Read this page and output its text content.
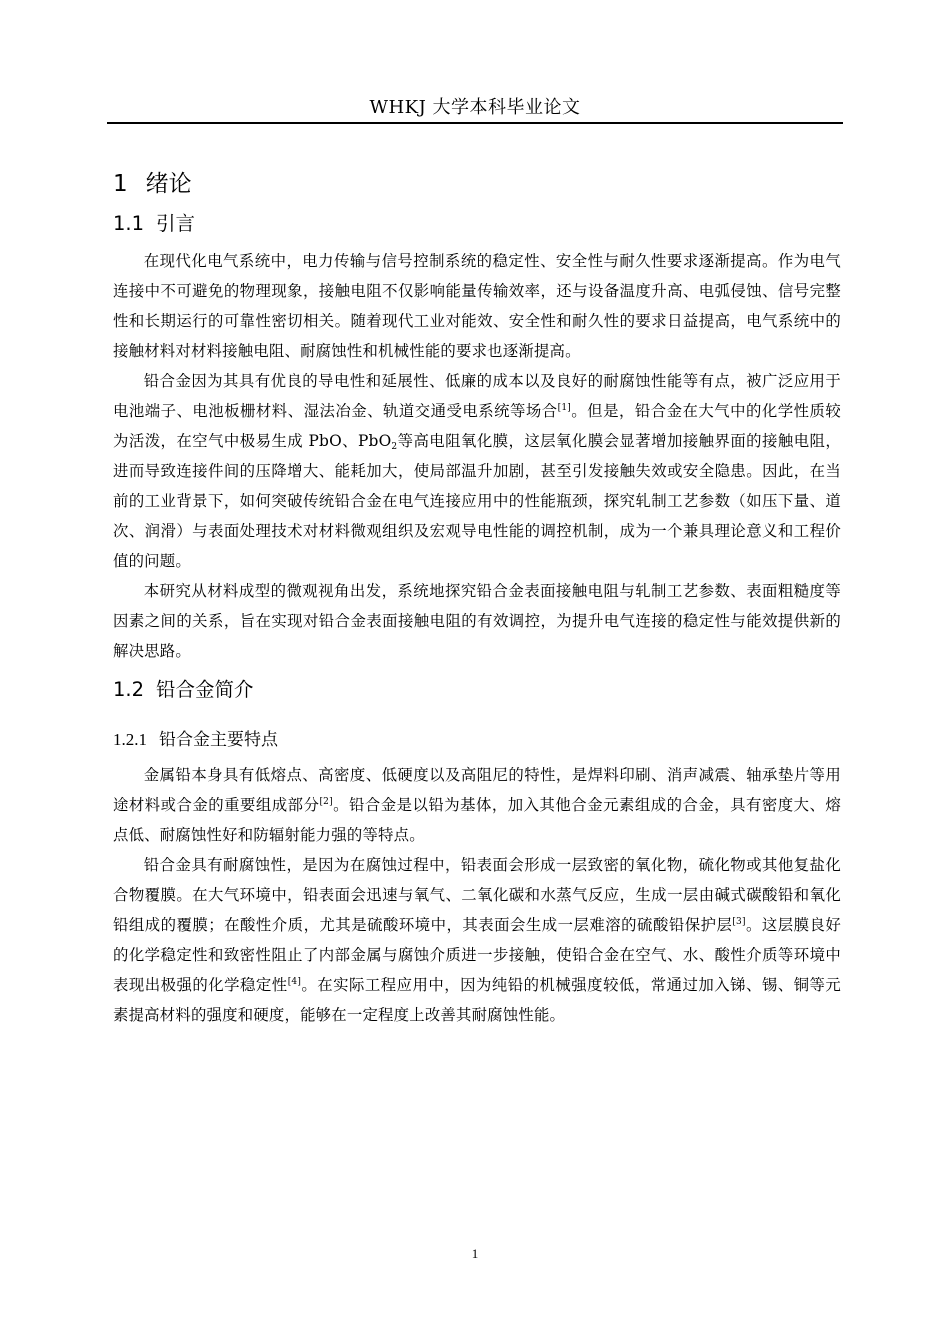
WHKJ 大学本科毕业论文
1 绪论
1.1 引言

在现代化电气系统中，电力传输与信号控制系统的稳定性、安全性与耐久性要求逐渐提高。作为电气连接中不可避免的物理现象，接触电阻不仅影响能量传输效率，还与设备温度升高、电弧侵蚀、信号完整性和长期运行的可靠性密切相关。随着现代工业对能效、安全性和耐久性的要求日益提高，电气系统中的接触材料对材料接触电阻、耐腐蚀性和机械性能的要求也逐渐提高。

铅合金因为其具有优良的导电性和延展性、低廉的成本以及良好的耐腐蚀性能等有点，被广泛应用于电池端子、电池板栅材料、湿法冶金、轨道交通受电系统等场合[1]。但是，铅合金在大气中的化学性质较为活泼，在空气中极易生成 PbO、PbO$_2$等高电阻氧化膜，这层氧化膜会显著增加接触界面的接触电阻，进而导致连接件间的压降增大、能耗加大，使局部温升加剧，甚至引发接触失效或安全隐患。因此，在当前的工业背景下，如何突破传统铅合金在电气连接应用中的性能瓶颈，探究轧制工艺参数（如压下量、道次、润滑）与表面处理技术对材料微观组织及宏观导电性能的调控机制，成为一个兼具理论意义和工程价值的问题。

本研究从材料成型的微观视角出发，系统地探究铅合金表面接触电阻与轧制工艺参数、表面粗糙度等因素之间的关系，旨在实现对铅合金表面接触电阻的有效调控，为提升电气连接的稳定性与能效提供新的解决思路。

1.2 铅合金简介
1.2.1 铅合金主要特点

金属铅本身具有低熔点、高密度、低硬度以及高阻尼的特性，是焊料印刷、消声减震、轴承垫片等用途材料或合金的重要组成部分[2]。铅合金是以铅为基体，加入其他合金元素组成的合金，具有密度大、熔点低、耐腐蚀性好和防辐射能力强的等特点。

铅合金具有耐腐蚀性，是因为在腐蚀过程中，铅表面会形成一层致密的氧化物，硫化物或其他复盐化合物覆膜。在大气环境中，铅表面会迅速与氧气、二氧化碳和水蒸气反应，生成一层由碱式碳酸铅和氧化铅组成的覆膜；在酸性介质，尤其是硫酸环境中，其表面会生成一层难溶的硫酸铅保护层[3]。这层膜良好的化学稳定性和致密性阻止了内部金属与腐蚀介质进一步接触，使铅合金在空气、水、酸性介质等环境中表现出极强的化学稳定性[4]。在实际工程应用中，因为纯铅的机械强度较低，常通过加入锑、锡、铜等元素提高材料的强度和硬度，能够在一定程度上改善其耐腐蚀性能。

1
